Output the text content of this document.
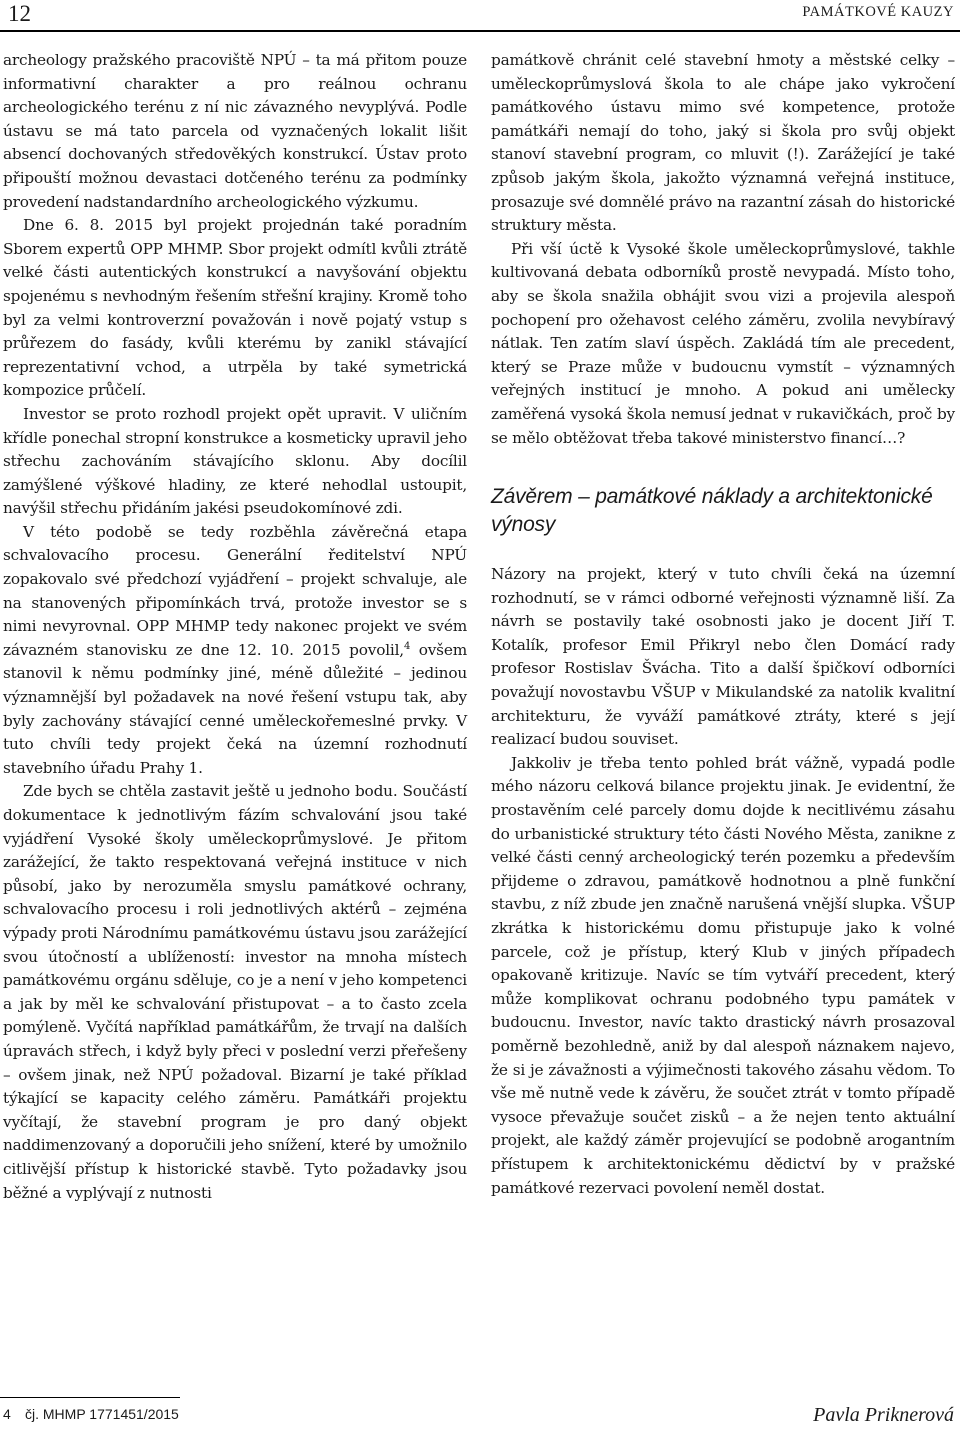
12	PAMÁTKOVÉ KAUZY

archeology pražského pracoviště NPÚ – ta má přitom pouze informativní charakter a pro reálnou ochranu archeologického terénu z ní nic závazného nevyplývá. Podle ústavu se má tato parcela od vyznačených lokalit lišit absencí dochovaných středověkých konstrukcí. Ústav proto připouští možnou devastaci dotčeného terénu za podmínky provedení nadstandardního archeologického výzkumu.

Dne 6. 8. 2015 byl projekt projednán také poradním Sborem expertů OPP MHMP. Sbor projekt odmítl kvůli ztrátě velké části autentických konstrukcí a navyšování objektu spojenému s nevhodným řešením střešní krajiny. Kromě toho byl za velmi kontroverzní považován i nově pojatý vstup s průřezem do fasády, kvůli kterému by zanikl stávající reprezentativní vchod, a utrpěla by také symetrická kompozice průčelí.

Investor se proto rozhodl projekt opět upravit. V uličním křídle ponechal stropní konstrukce a kosmeticky upravil jeho střechu zachováním stávajícího sklonu. Aby docílil zamýšlené výškové hladiny, ze které nehodlal ustoupit, navýšil střechu přidáním jakési pseudokomínové zdi.

V této podobě se tedy rozběhla závěrečná etapa schvalovacího procesu. Generální ředitelství NPÚ zopakovalo své předchozí vyjádření – projekt schvaluje, ale na stanovených připomínkách trvá, protože investor se s nimi nevyrovnal. OPP MHMP tedy nakonec projekt ve svém závazném stanovisku ze dne 12. 10. 2015 povolil,$^4$ ovšem stanovil k němu podmínky jiné, méně důležité – jedinou významnější byl požadavek na nové řešení vstupu tak, aby byly zachovány stávající cenné uměleckořemeslné prvky. V tuto chvíli tedy projekt čeká na územní rozhodnutí stavebního úřadu Prahy 1.

Zde bych se chtěla zastavit ještě u jednoho bodu. Součástí dokumentace k jednotlivým fázím schvalování jsou také vyjádření Vysoké školy uměleckoprůmyslové. Je přitom zarážející, že takto respektovaná veřejná instituce v nich působí, jako by nerozuměla smyslu památkové ochrany, schvalovacího procesu i roli jednotlivých aktérů – zejména výpady proti Národnímu památkovému ústavu jsou zarážející svou útočností a ublížeností: investor na mnoha místech památkovému orgánu sděluje, co je a není v jeho kompetenci a jak by měl ke schvalování přistupovat – a to často zcela pomýleně. Vyčítá například památkářům, že trvají na dalších úpravách střech, i když byly přeci v poslední verzi přeřešeny – ovšem jinak, než NPÚ požadoval. Bizarní je také příklad týkající se kapacity celého záměru. Památkáři projektu vyčítají, že stavební program je pro daný objekt naddimenzovaný a doporučili jeho snížení, které by umožnilo citlivější přístup k historické stavbě. Tyto požadavky jsou běžné a vyplývají z nutnosti

památkově chránit celé stavební hmoty a městské celky – uměleckoprůmyslová škola to ale chápe jako vykročení památkového ústavu mimo své kompetence, protože památkáři nemají do toho, jaký si škola pro svůj objekt stanoví stavební program, co mluvit (!). Zarážející je také způsob jakým škola, jakožto významná veřejná instituce, prosazuje své domnělé právo na razantní zásah do historické struktury města.

Při vší úctě k Vysoké škole uměleckoprůmyslové, takhle kultivovaná debata odborníků prostě nevypadá. Místo toho, aby se škola snažila obhájit svou vizi a projevila alespoň pochopení pro ožehavost celého záměru, zvolila nevybíravý nátlak. Ten zatím slaví úspěch. Zakládá tím ale precedent, který se Praze může v budoucnu vymstít – významných veřejných institucí je mnoho. A pokud ani umělecky zaměřená vysoká škola nemusí jednat v rukavičkách, proč by se mělo obtěžovat třeba takové ministerstvo financí…?

Závěrem – památkové náklady a architektonické výnosy

Názory na projekt, který v tuto chvíli čeká na územní rozhodnutí, se v rámci odborné veřejnosti významně liší. Za návrh se postavily také osobnosti jako je docent Jiří T. Kotalík, profesor Emil Přikryl nebo člen Domácí rady profesor Rostislav Švácha. Tito a další špičkoví odborníci považují novostavbu VŠUP v Mikulandské za natolik kvalitní architekturu, že vyváží památkové ztráty, které s její realizací budou souviset.

Jakkoliv je třeba tento pohled brát vážně, vypadá podle mého názoru celková bilance projektu jinak. Je evidentní, že prostavěním celé parcely domu dojde k necitlivému zásahu do urbanistické struktury této části Nového Města, zanikne z velké části cenný archeologický terén pozemku a především přijdeme o zdravou, památkově hodnotnou a plně funkční stavbu, z níž zbude jen značně narušená vnější slupka. VŠUP zkrátka k historickému domu přistupuje jako k volné parcele, což je přístup, který Klub v jiných případech opakovaně kritizuje. Navíc se tím vytváří precedent, který může komplikovat ochranu podobného typu památek v budoucnu. Investor, navíc takto drastický návrh prosazoval poměrně bezohledně, aniž by dal alespoň náznakem najevo, že si je závažnosti a výjimečnosti takového zásahu vědom. To vše mě nutně vede k závěru, že součet ztrát v tomto případě vysoce převažuje součet zisků – a že nejen tento aktuální projekt, ale každý záměr projevující se podobně arogantním přístupem k architektonickému dědictví by v pražské památkové rezervaci povolení neměl dostat.

4 čj. MHMP 1771451/2015	Pavla Priknerová
